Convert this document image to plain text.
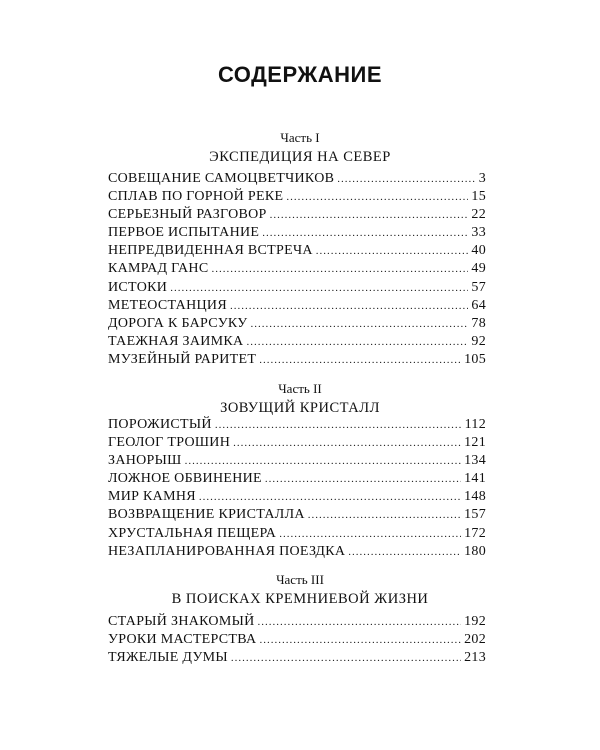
СОДЕРЖАНИЕ
Часть I
ЭКСПЕДИЦИЯ НА СЕВЕР
СОВЕЩАНИЕ САМОЦВЕТЧИКОВ .....	3
СПЛАВ ПО ГОРНОЙ РЕКЕ .....	15
СЕРЬЕЗНЫЙ РАЗГОВОР .....	22
ПЕРВОЕ ИСПЫТАНИЕ .....	33
НЕПРЕДВИДЕННАЯ ВСТРЕЧА .....	40
КАМРАД ГАНС .....	49
ИСТОКИ .....	57
МЕТЕОСТАНЦИЯ .....	64
ДОРОГА К БАРСУКУ .....	78
ТАЕЖНАЯ ЗАИМКА .....	92
МУЗЕЙНЫЙ РАРИТЕТ .....	105
Часть II
ЗОВУЩИЙ КРИСТАЛЛ
ПОРОЖИСТЫЙ .....	112
ГЕОЛОГ ТРОШИН .....	121
ЗАНОРЫШ .....	134
ЛОЖНОЕ ОБВИНЕНИЕ .....	141
МИР КАМНЯ .....	148
ВОЗВРАЩЕНИЕ КРИСТАЛЛА .....	157
ХРУСТАЛЬНАЯ ПЕЩЕРА .....	172
НЕЗАПЛАНИРОВАННАЯ ПОЕЗДКА .....	180
Часть III
В ПОИСКАХ КРЕМНИЕВОЙ ЖИЗНИ
СТАРЫЙ ЗНАКОМЫЙ .....	192
УРОКИ МАСТЕРСТВА .....	202
ТЯЖЕЛЫЕ ДУМЫ .....	213
